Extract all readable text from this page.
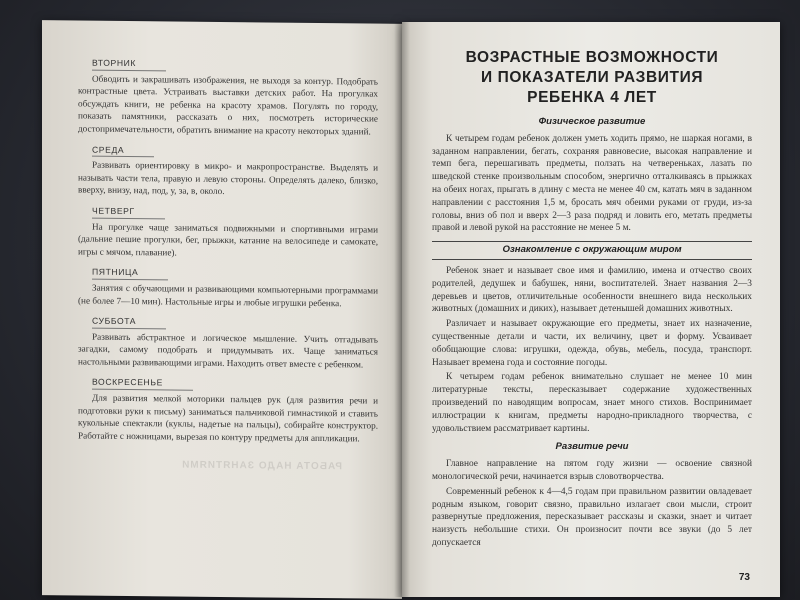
ВТОРНИК

Обводить и закрашивать изображения, не выходя за контур. Подобрать контрастные цвета. Устраивать выставки детских работ. На прогулках обсуждать книги, не ребенка на красоту храмов. Погулять по городу, показать памятники, рассказать о них, посмотреть исторические достопримечательности, обратить внимание на красоту некоторых зданий.

СРЕДА

Развивать ориентировку в микро- и макропространстве. Выделять и называть части тела, правую и левую стороны. Определять далеко, близко, вверху, внизу, над, под, у, за, в, около.

ЧЕТВЕРГ

На прогулке чаще заниматься подвижными и спортивными играми (дальние пешие прогулки, бег, прыжки, катание на велосипеде и самокате, игры с мячом, плавание).

ПЯТНИЦА

Занятия с обучающими и развивающими компьютерными программами (не более 7—10 мин). Настольные игры и любые игрушки ребенка.

СУББОТА

Развивать абстрактное и логическое мышление. Учить отгадывать загадки, самому подобрать и придумывать их. Чаще заниматься настольными развивающими играми. Находить ответ вместе с ребенком.

ВОСКРЕСЕНЬЕ

Для развития мелкой моторики пальцев рук (для развития речи и подготовки руки к письму) заниматься пальчиковой гимнастикой и ставить кукольные спектакли (куклы, надетые на пальцы), собирайте конструктор. Работайте с ножницами, вырезая по контуру предметы для аппликации.

РАБОТА НАДО ЗАНЯТИЯМИ
ВОЗРАСТНЫЕ ВОЗМОЖНОСТИ
И ПОКАЗАТЕЛИ РАЗВИТИЯ
РЕБЕНКА 4 ЛЕТ
Физическое развитие

К четырем годам ребенок должен уметь ходить прямо, не шаркая ногами, в заданном направлении, бегать, сохраняя равновесие, высокая направление и темп бега, перешагивать предметы, ползать на четвереньках, лазать по шведской стенке произвольным способом, энергично отталкиваясь в прыжках на обеих ногах, прыгать в длину с места не менее 40 см, катать мяч в заданном направлении с расстояния 1,5 м, бросать мяч обеими руками от груди, из-за головы, вниз об пол и вверх 2—3 раза подряд и ловить его, метать предметы правой и левой рукой на расстояние не менее 5 м.

Ознакомление с окружающим миром

Ребенок знает и называет свое имя и фамилию, имена и отчество своих родителей, дедушек и бабушек, няни, воспитателей. Знает названия 2—3 деревьев и цветов, отличительные особенности внешнего вида нескольких животных (домашних и диких), называет детенышей домашних животных.

Различает и называет окружающие его предметы, знает их назначение, существенные детали и части, их величину, цвет и форму. Усваивает обобщающие слова: игрушки, одежда, обувь, мебель, посуда, транспорт. Называет времена года и состояние погоды.

К четырем годам ребенок внимательно слушает не менее 10 мин литературные тексты, пересказывает содержание художественных произведений по наводящим вопросам, знает много стихов. Воспринимает иллюстрации к книгам, предметы народно-прикладного творчества, с удовольствием рассматривает картины.

Развитие речи

Главное направление на пятом году жизни — освоение связной монологической речи, начинается взрыв словотворчества.

Современный ребенок к 4—4,5 годам при правильном развитии овладевает родным языком, говорит связно, правильно излагает свои мысли, строит развернутые предложения, пересказывает рассказы и сказки, знает и читает наизусть небольшие стихи. Он произносит почти все звуки (до 5 лет допускается

73
